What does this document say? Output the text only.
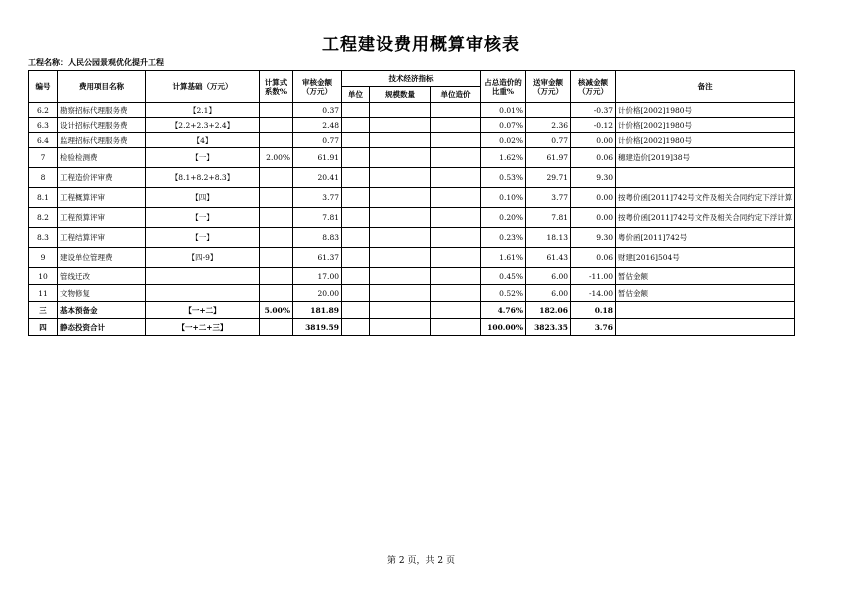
工程建设费用概算审核表
工程名称：人民公园景观优化提升工程
编号	费用项目名称	计算基础（万元）	计算式系数%	审核金额（万元）	技术经济指标			占总造价的比重%	送审金额（万元）	核减金额（万元）	备注
					单位	规模数量	单位造价				
6.2	勘察招标代理服务费	【2.1】		0.37				0.01%		-0.37	计价格[2002]1980号
6.3	设计招标代理服务费	【2.2+2.3+2.4】		2.48				0.07%	2.36	-0.12	计价格[2002]1980号
6.4	监理招标代理服务费	【4】		0.77				0.02%	0.77	0.00	计价格[2002]1980号
7	检验检测费	【一】	2.00%	61.91				1.62%	61.97	0.06	穗建造价[2019]38号
8	工程造价评审费	【8.1+8.2+8.3】		20.41				0.53%	29.71	9.30	
8.1	工程概算评审	【四】		3.77				0.10%	3.77	0.00	按粤价函[2011]742号文件及相关合同约定下浮计算
8.2	工程预算评审	【一】		7.81				0.20%	7.81	0.00	按粤价函[2011]742号文件及相关合同约定下浮计算
8.3	工程结算评审	【一】		8.83				0.23%	18.13	9.30	粤价函[2011]742号
9	建设单位管理费	【四-9】		61.37				1.61%	61.43	0.06	财建[2016]504号
10	管线迁改			17.00				0.45%	6.00	-11.00	暂估金额
11	文物修复			20.00				0.52%	6.00	-14.00	暂估金额
三	基本预备金	【一+二】	5.00%	181.89				4.76%	182.06	0.18	
四	静态投资合计	【一+二+三】		3819.59				100.00%	3823.35	3.76	
第 2 页，共 2 页
